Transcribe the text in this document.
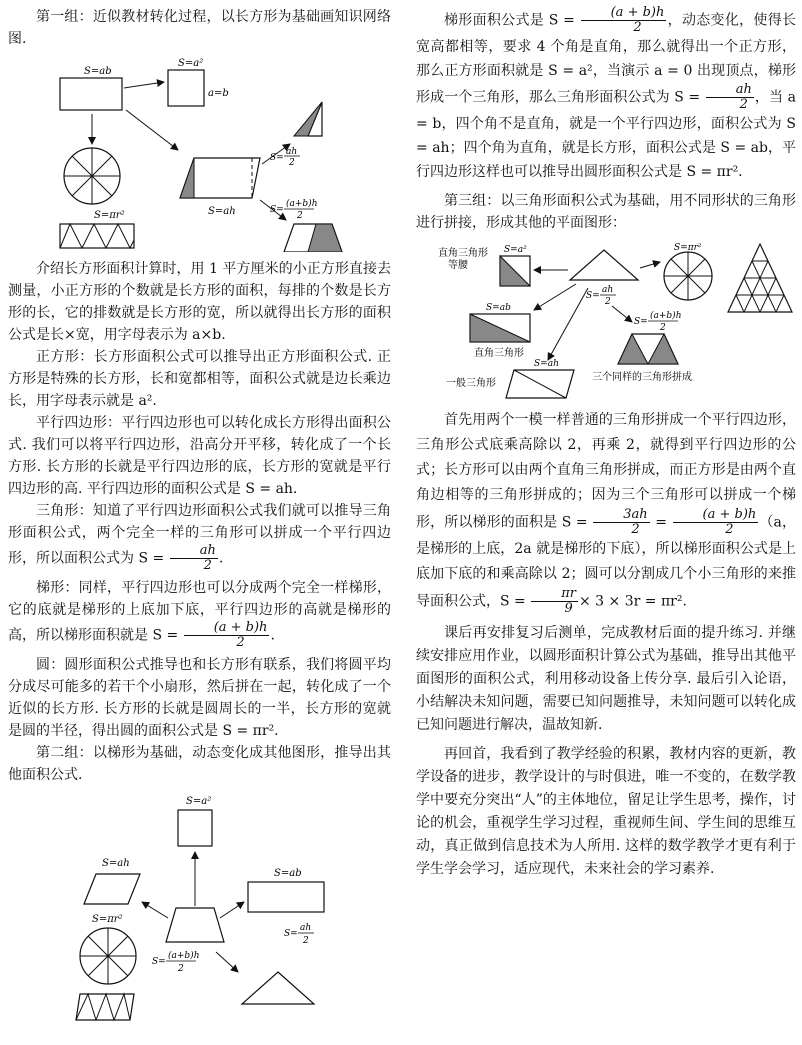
第一组：近似教材转化过程，以长方形为基础画知识网络图.

S=ab
S=a²
a=b
S=πr²	S=ah
S=
ah
2
S=
(a+b)h
2

介绍长方形面积计算时，用 1 平方厘米的小正方形直接去测量，小正方形的个数就是长方形的面积，每排的个数是长方形的长，它的排数就是长方形的宽，所以就得出长方形的面积公式是长×宽，用字母表示为 a×b.

正方形：长方形面积公式可以推导出正方形面积公式. 正方形是特殊的长方形，长和宽都相等，面积公式就是边长乘边长，用字母表示就是 a².

平行四边形：平行四边形也可以转化成长方形得出面积公式. 我们可以将平行四边形，沿高分开平移，转化成了一个长方形. 长方形的长就是平行四边形的底，长方形的宽就是平行四边形的高. 平行四边形的面积公式是 S = ah.

三角形：知道了平行四边形面积公式我们就可以推导三角形面积公式，两个完全一样的三角形可以拼成一个平行四边形，所以面积公式为 $S = \frac{ah}{2}$ .

梯形：同样，平行四边形也可以分成两个完全一样梯形，它的底就是梯形的上底加下底，平行四边形的高就是梯形的高，所以梯形面积就是 $S = \frac{(a + b)h}{2}$ .

圆：圆形面积公式推导也和长方形有联系，我们将圆平均分成尽可能多的若干个小扇形，然后拼在一起，转化成了一个近似的长方形. 长方形的长就是圆周长的一半，长方形的宽就是圆的半径，得出圆的面积公式是 S = πr².

第二组：以梯形为基础，动态变化成其他图形，推导出其他面积公式.

S=a²
S=ah
S=ab
S=πr²
S=
(a+b)h
2
S=
ah
2

梯形面积公式是 $S = \frac{(a + b)h}{2}$ ，动态变化，使得长宽高都相等，要求 4 个角是直角，那么就得出一个正方形，那么正方形面积就是 S = a²，当演示 a = 0 出现顶点，梯形形成一个三角形，那么三角形面积公式为 $S = \frac{ah}{2}$ ，当 a = b，四个角不是直角，就是一个平行四边形，面积公式为 S = ah；四个角为直角，就是长方形，面积公式是 S = ab，平行四边形这样也可以推导出圆形面积公式是 S = πr².

第三组：以三角形面积公式为基础，用不同形状的三角形进行拼接，形成其他的平面图形：

直角三角形
等腰
S=a²
S=
ah
2
S=πr²
S=ab
直角三角形
S=
(a+b)h
2
三个同样的三角形拼成
S=ah
一般三角形

首先用两个一模一样普通的三角形拼成一个平行四边形，三角形公式底乘高除以 2，再乘 2，就得到平行四边形的公式；长方形可以由两个直角三角形拼成，而正方形是由两个直角边相等的三角形拼成的；因为三个三角形可以拼成一个梯形，所以梯形的面积是 $S = \frac{3ah}{2} = \frac{(a + b)h}{2} (a$，是梯形的上底，2a 就是梯形的下底），所以梯形面积公式是上底加下底的和乘高除以 2；圆可以分割成几个小三角形的来推导面积公式，$S = \frac{\pi r}{9} \times 3 \times 3r = \pi r^2$.

课后再安排复习后测单，完成教材后面的提升练习. 并继续安排应用作业，以圆形面积计算公式为基础，推导出其他平面图形的面积公式，利用移动设备上传分享. 最后引入论语，小结解决未知问题，需要已知问题推导，未知问题可以转化成已知问题进行解决，温故知新.

再回首，我看到了教学经验的积累，教材内容的更新，教学设备的进步，教学设计的与时俱进，唯一不变的，在数学教学中要充分突出“人”的主体地位，留足让学生思考，操作，讨论的机会，重视学生学习过程，重视师生间、学生间的思维互动，真正做到信息技术为人所用. 这样的数学教学才更有利于学生学会学习，适应现代，未来社会的学习素养.
